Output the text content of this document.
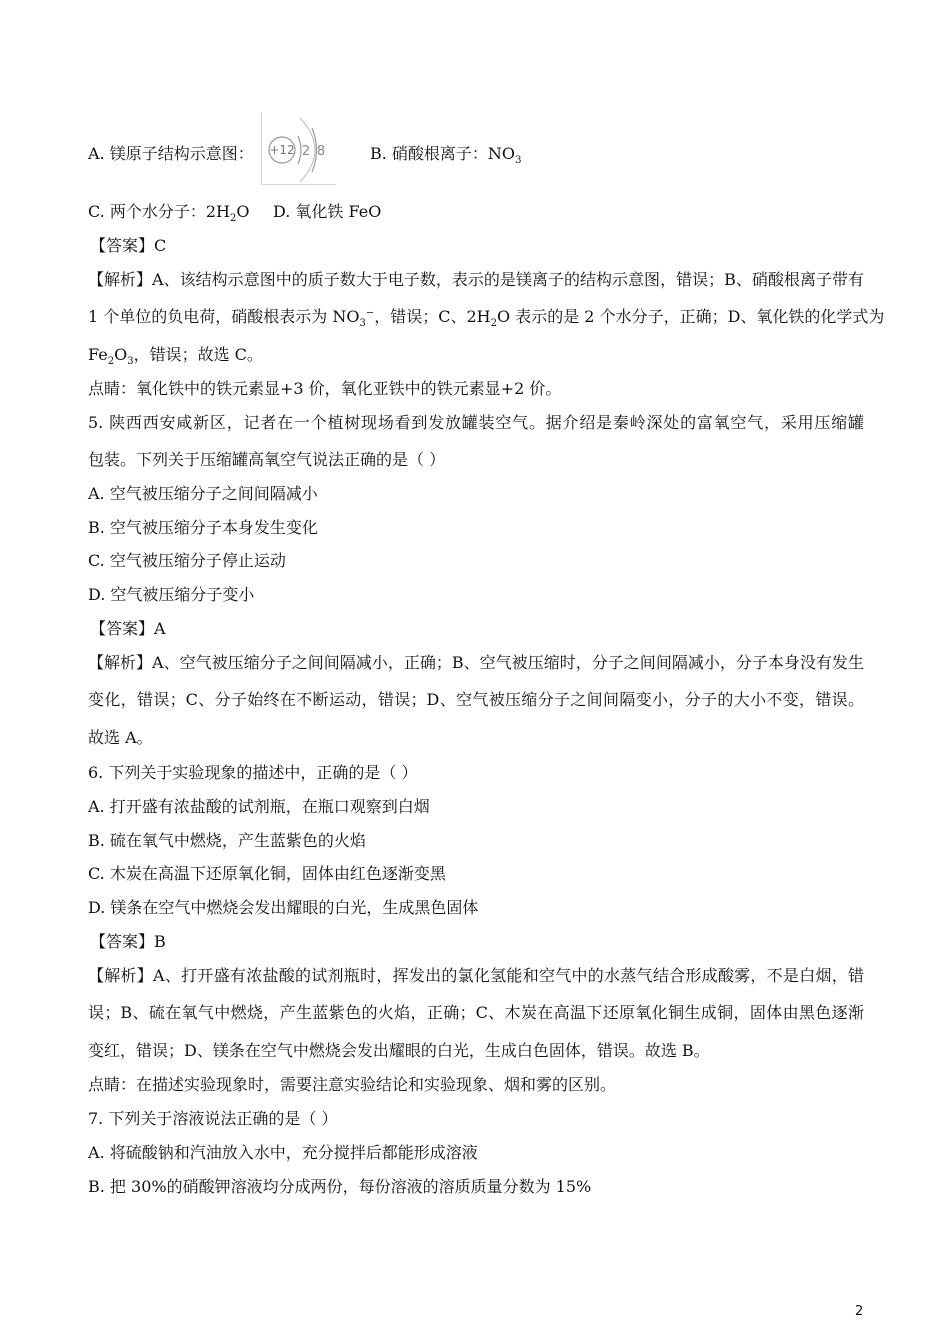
A. 镁原子结构示意图： +12 2 8	B. 硝酸根离子：$NO_3$
C. 两个水分子：$2H_2O$ D. 氧化铁 FeO
【答案】C
【解析】A、该结构示意图中的质子数大于电子数，表示的是镁离子的结构示意图，错误；B、硝酸根离子带有
1 个单位的负电荷，硝酸根表示为 $NO_3^-$，错误；C、$2H_2O$ 表示的是 2 个水分子，正确；D、氧化铁的化学式为
$Fe_2O_3$，错误；故选 C。
点睛：氧化铁中的铁元素显+3 价，氧化亚铁中的铁元素显+2 价。
5. 陕西西安咸新区，记者在一个植树现场看到发放罐装空气。据介绍是秦岭深处的富氧空气，采用压缩罐
包装。下列关于压缩罐高氧空气说法正确的是（ ）
A. 空气被压缩分子之间间隔减小
B. 空气被压缩分子本身发生变化
C. 空气被压缩分子停止运动
D. 空气被压缩分子变小
【答案】A
【解析】A、空气被压缩分子之间间隔减小，正确；B、空气被压缩时，分子之间间隔减小，分子本身没有发生
变化，错误；C、分子始终在不断运动，错误；D、空气被压缩分子之间间隔变小，分子的大小不变，错误。
故选 A。
6. 下列关于实验现象的描述中，正确的是（ ）
A. 打开盛有浓盐酸的试剂瓶，在瓶口观察到白烟
B. 硫在氧气中燃烧，产生蓝紫色的火焰
C. 木炭在高温下还原氧化铜，固体由红色逐渐变黑
D. 镁条在空气中燃烧会发出耀眼的白光，生成黑色固体
【答案】B
【解析】A、打开盛有浓盐酸的试剂瓶时，挥发出的氯化氢能和空气中的水蒸气结合形成酸雾，不是白烟，错
误；B、硫在氧气中燃烧，产生蓝紫色的火焰，正确；C、木炭在高温下还原氧化铜生成铜，固体由黑色逐渐
变红，错误；D、镁条在空气中燃烧会发出耀眼的白光，生成白色固体，错误。故选 B。
点睛：在描述实验现象时，需要注意实验结论和实验现象、烟和雾的区别。
7. 下列关于溶液说法正确的是（ ）
A. 将硫酸钠和汽油放入水中，充分搅拌后都能形成溶液
B. 把 30%的硝酸钾溶液均分成两份，每份溶液的溶质质量分数为 15%
2
